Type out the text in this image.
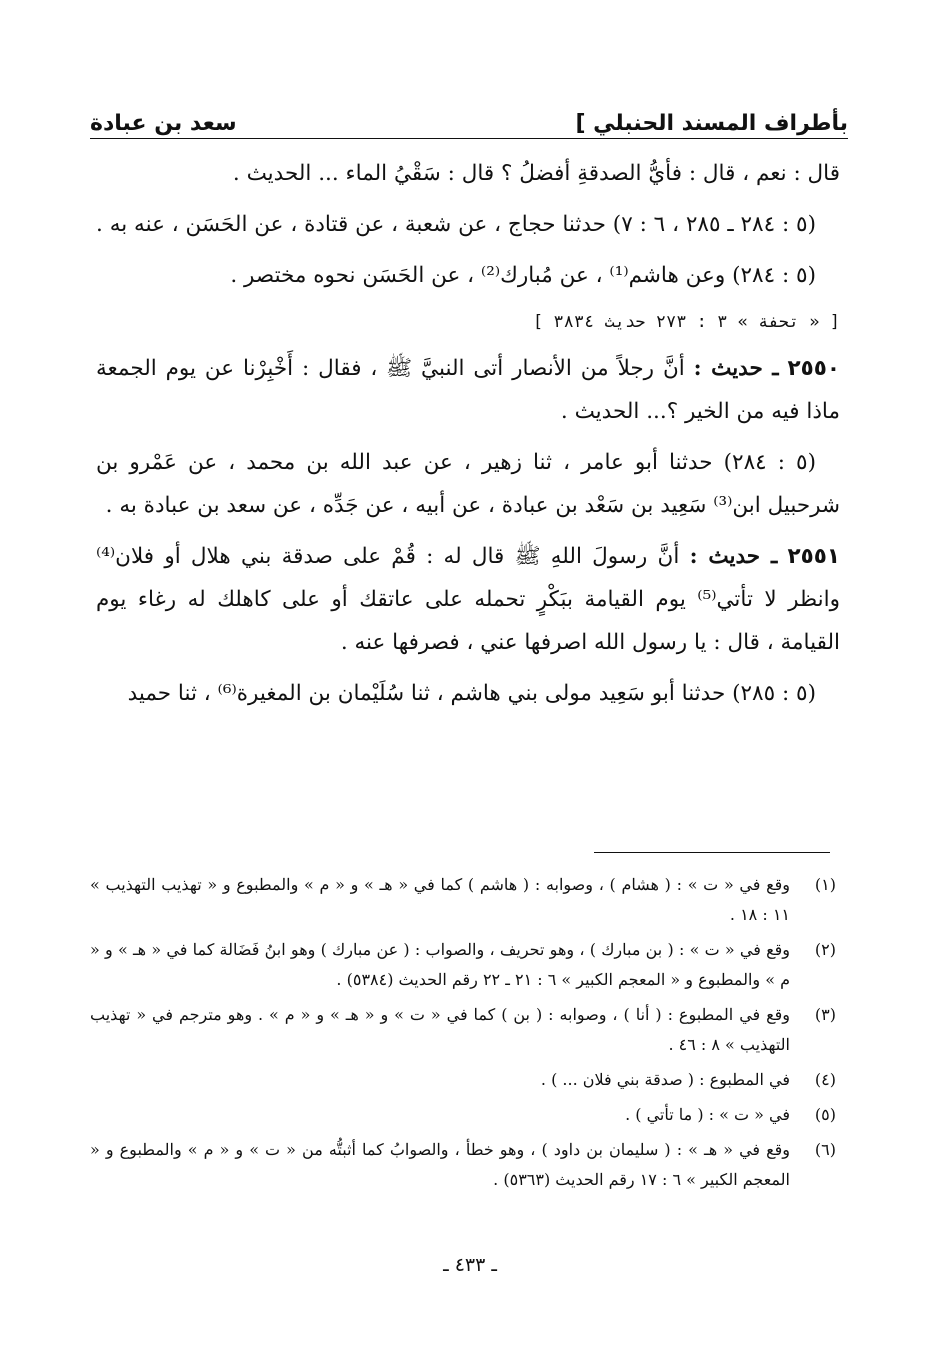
بأطراف المسند الحنبلي ]
سعد بن عبادة

قال : نعم ، قال : فأيُّ الصدقةِ أفضلُ ؟ قال : سَقْيُ الماء ... الحديث .

(٥ : ٢٨٤ ـ ٢٨٥ ، ٦ : ٧) حدثنا حجاج ، عن شعبة ، عن قتادة ، عن الحَسَن ، عنه به .

(٥ : ٢٨٤) وعن هاشم⁽¹⁾ ، عن مُبارك⁽²⁾ ، عن الحَسَن نحوه مختصر .

[ « تحفة » ٣ : ٢٧٣ حديث ٣٨٣٤ ]

٢٥٥٠ ـ حديث : أنَّ رجلاً من الأنصار أتى النبيَّ ﷺ ، فقال : أَخْبِرْنا عن يوم الجمعة ماذا فيه من الخير ؟... الحديث .

(٥ : ٢٨٤) حدثنا أبو عامر ، ثنا زهير ، عن عبد الله بن محمد ، عن عَمْرو بن شرحبيل ابن⁽³⁾ سَعِيد بن سَعْد بن عبادة ، عن أبيه ، عن جَدِّه ، عن سعد بن عبادة به .

٢٥٥١ ـ حديث : أنَّ رسولَ اللهِ ﷺ قال له : قُمْ على صدقة بني هلال أو فلان⁽⁴⁾ وانظر لا تأتي⁽⁵⁾ يوم القيامة ببَكْرٍ تحمله على عاتقك أو على كاهلك له رغاء يوم القيامة ، قال : يا رسول الله اصرفها عني ، فصرفها عنه .

(٥ : ٢٨٥) حدثنا أبو سَعِيد مولى بني هاشم ، ثنا سُلَيْمان بن المغيرة⁽⁶⁾ ، ثنا حميد

(١)
وقع في « ت » : ( هشام ) ، وصوابه : ( هاشم ) كما في « هـ » و « م » والمطبوع و « تهذيب التهذيب » ١١ : ١٨ .
(٢)
وقع في « ت » : ( بن مبارك ) ، وهو تحريف ، والصواب : ( عن مبارك ) وهو ابنُ فَضَالة كما في « هـ » و « م » والمطبوع و « المعجم الكبير » ٦ : ٢١ ـ ٢٢ رقم الحديث (٥٣٨٤) .
(٣)
وقع في المطبوع : ( أنا ) ، وصوابه : ( بن ) كما في « ت » و « هـ » و « م » . وهو مترجم في « تهذيب التهذيب » ٨ : ٤٦ .
(٤)
في المطبوع : ( صدقة بني فلان ... ) .
(٥)
في « ت » : ( ما تأتي ) .
(٦)
وقع في « هـ » : ( سليمان بن داود ) ، وهو خطأ ، والصوابُ كما أثبتُّه من « ت » و « م » والمطبوع و « المعجم الكبير » ٦ : ١٧ رقم الحديث (٥٣٦٣) .
ـ ٤٣٣ ـ
